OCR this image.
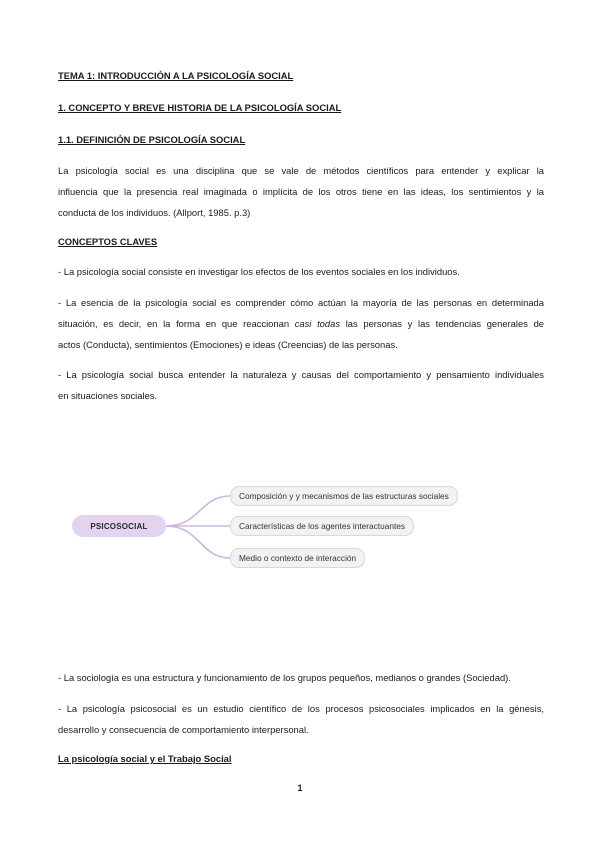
TEMA 1: INTRODUCCIÓN A LA PSICOLOGÍA SOCIAL
1. CONCEPTO Y BREVE HISTORIA DE LA PSICOLOGÍA SOCIAL
1.1. DEFINICIÓN DE PSICOLOGÍA SOCIAL
La psicología social es una disciplina que se vale de métodos científicos para entender y explicar la
influencia que la presencia real imaginada o implícita de los otros tiene en las ideas, los sentimientos y la
conducta de los individuos. (Allport, 1985. p.3)
CONCEPTOS CLAVES
- La psicología social consiste en investigar los efectos de los eventos sociales en los individuos.
- La esencia de la psicología social es comprender cómo actúan la mayoría de las personas en determinada
situación, es decir, en la forma en que reaccionan casi todas las personas y las tendencias generales de
actos (Conducta), sentimientos (Emociones) e ideas (Creencias) de las personas.
- La psicología social busca entender la naturaleza y causas del comportamiento y pensamiento individuales
en situaciones sociales.
PSICOSOCIAL
Composición y y mecanismos de las estructuras sociales
Características de los agentes interactuantes
Medio o contexto de interacción
- La sociología es una estructura y funcionamiento de los grupos pequeños, medianos o grandes (Sociedad).
- La psicología psicosocial es un estudio científico de los procesos psicosociales implicados en la génesis,
desarrollo y consecuencia de comportamiento interpersonal.
La psicología social y el Trabajo Social
1
